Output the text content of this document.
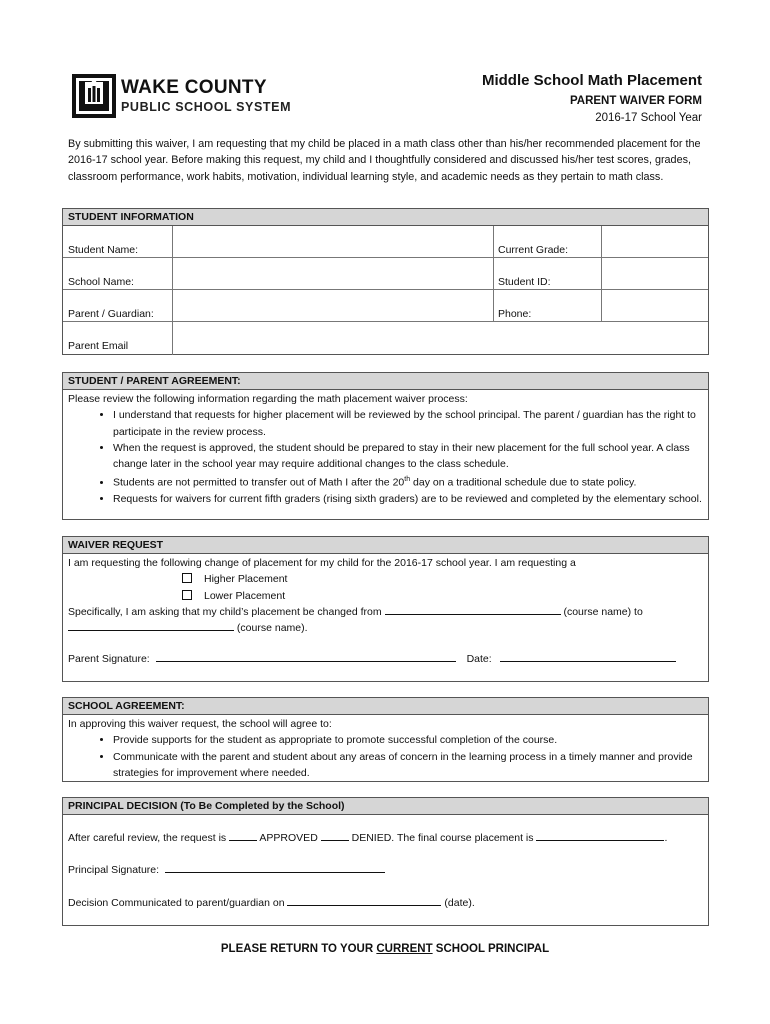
WAKE COUNTY
PUBLIC SCHOOL SYSTEM
Middle School Math Placement
PARENT WAIVER FORM
2016-17 School Year
By submitting this waiver, I am requesting that my child be placed in a math class other than his/her recommended placement for the 2016-17 school year. Before making this request, my child and I thoughtfully considered and discussed his/her test scores, grades, classroom performance, work habits, motivation, individual learning style, and academic needs as they pertain to math class.
STUDENT INFORMATION
Student Name:	Current Grade:
School Name:	Student ID:
Parent / Guardian:	Phone:
Parent Email
STUDENT / PARENT AGREEMENT:
Please review the following information regarding the math placement waiver process:
• I understand that requests for higher placement will be reviewed by the school principal. The parent / guardian has the right to participate in the review process.
• When the request is approved, the student should be prepared to stay in their new placement for the full school year. A class change later in the school year may require additional changes to the class schedule.
• Students are not permitted to transfer out of Math I after the 20th day on a traditional schedule due to state policy.
• Requests for waivers for current fifth graders (rising sixth graders) are to be reviewed and completed by the elementary school.
WAIVER REQUEST
I am requesting the following change of placement for my child for the 2016-17 school year. I am requesting a
Higher Placement
Lower Placement
Specifically, I am asking that my child’s placement be changed from	(course name) to
(course name).
Parent Signature:	Date:
SCHOOL AGREEMENT:
In approving this waiver request, the school will agree to:
• Provide supports for the student as appropriate to promote successful completion of the course.
• Communicate with the parent and student about any areas of concern in the learning process in a timely manner and provide strategies for improvement where needed.
PRINCIPAL DECISION (To Be Completed by the School)
After careful review, the request is	APPROVED	DENIED. The final course placement is	.
Principal Signature:
Decision Communicated to parent/guardian on	(date).
PLEASE RETURN TO YOUR CURRENT SCHOOL PRINCIPAL
